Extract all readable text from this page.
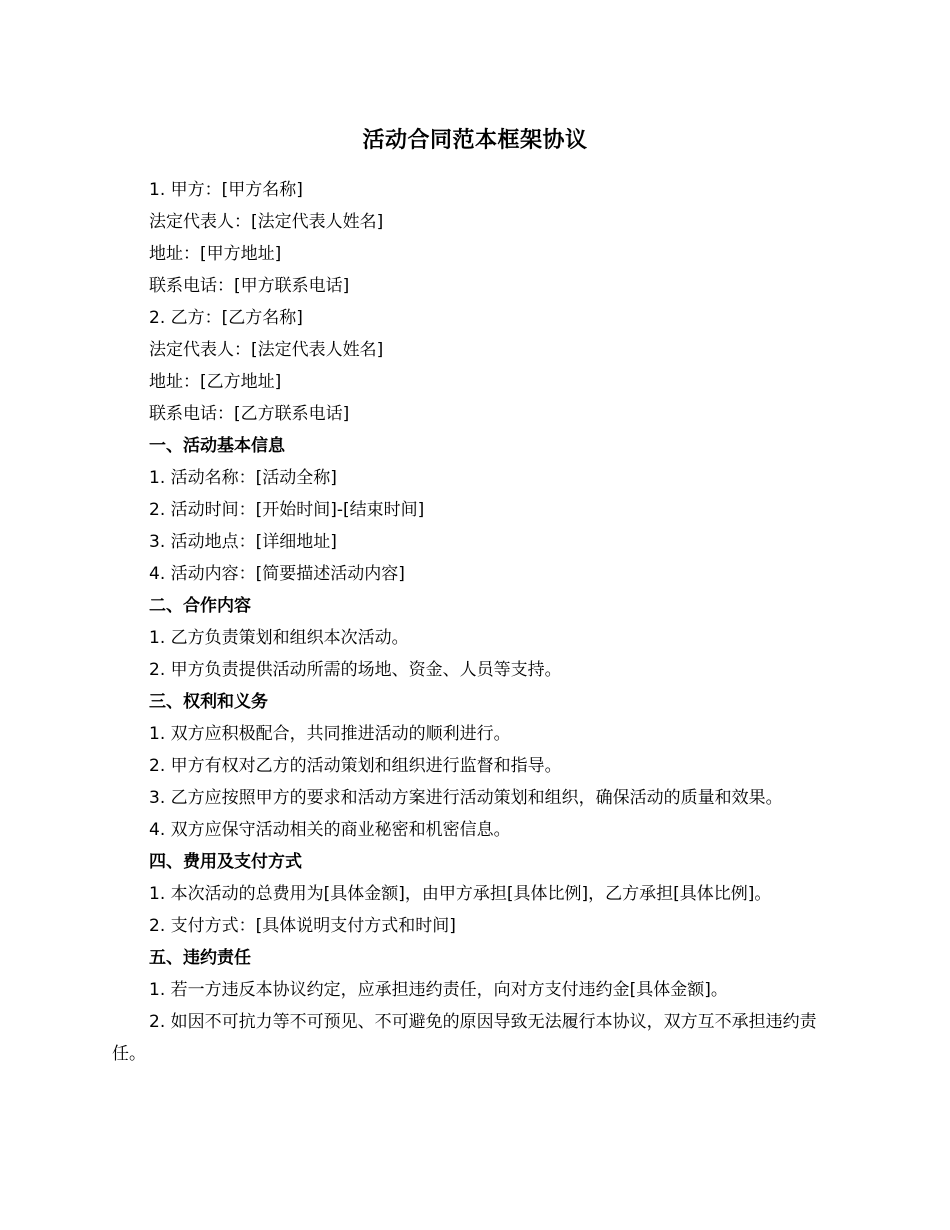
活动合同范本框架协议

1. 甲方：[甲方名称]

法定代表人：[法定代表人姓名]

地址：[甲方地址]

联系电话：[甲方联系电话]

2. 乙方：[乙方名称]

法定代表人：[法定代表人姓名]

地址：[乙方地址]

联系电话：[乙方联系电话]

一、活动基本信息

1. 活动名称：[活动全称]

2. 活动时间：[开始时间]-[结束时间]

3. 活动地点：[详细地址]

4. 活动内容：[简要描述活动内容]

二、合作内容

1. 乙方负责策划和组织本次活动。

2. 甲方负责提供活动所需的场地、资金、人员等支持。

三、权利和义务

1. 双方应积极配合，共同推进活动的顺利进行。

2. 甲方有权对乙方的活动策划和组织进行监督和指导。

3. 乙方应按照甲方的要求和活动方案进行活动策划和组织，确保活动的质量和效果。

4. 双方应保守活动相关的商业秘密和机密信息。

四、费用及支付方式

1. 本次活动的总费用为[具体金额]，由甲方承担[具体比例]，乙方承担[具体比例]。

2. 支付方式：[具体说明支付方式和时间]

五、违约责任

1. 若一方违反本协议约定，应承担违约责任，向对方支付违约金[具体金额]。

2. 如因不可抗力等不可预见、不可避免的原因导致无法履行本协议，双方互不承担违约责任。
